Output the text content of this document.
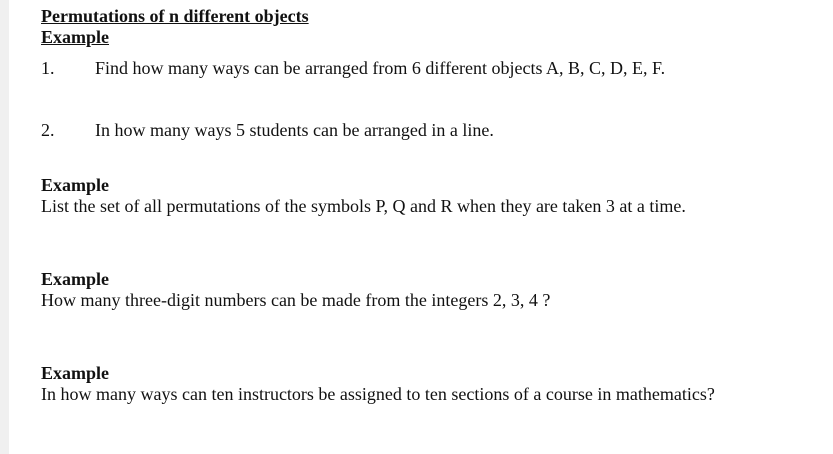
Permutations of n different objects

Example

1. Find how many ways can be arranged from 6 different objects A, B, C, D, E, F.
2. In how many ways 5 students can be arranged in a line.

Example

List the set of all permutations of the symbols P, Q and R when they are taken 3 at a time.

Example

How many three-digit numbers can be made from the integers 2, 3, 4 ?

Example

In how many ways can ten instructors be assigned to ten sections of a course in mathematics?
